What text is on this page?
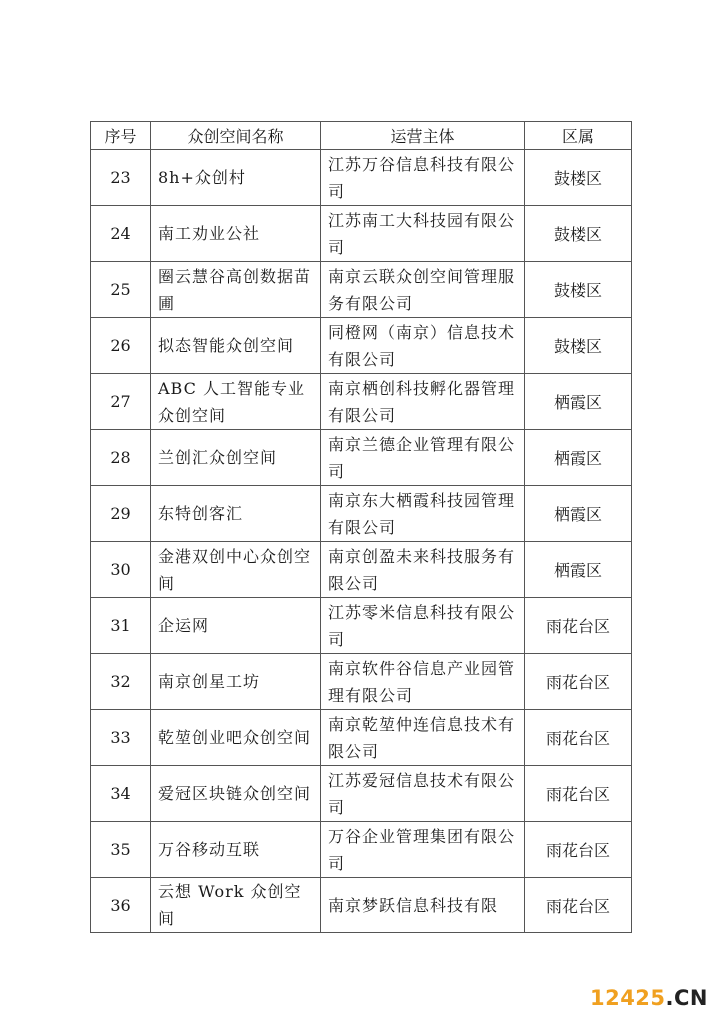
序号	众创空间名称	运营主体	区属
23	8h+众创村	江苏万谷信息科技有限公司	鼓楼区
24	南工劝业公社	江苏南工大科技园有限公司	鼓楼区
25	圈云慧谷高创数据苗圃	南京云联众创空间管理服务有限公司	鼓楼区
26	拟态智能众创空间	同橙网（南京）信息技术有限公司	鼓楼区
27	ABC 人工智能专业众创空间	南京栖创科技孵化器管理有限公司	栖霞区
28	兰创汇众创空间	南京兰德企业管理有限公司	栖霞区
29	东特创客汇	南京东大栖霞科技园管理有限公司	栖霞区
30	金港双创中心众创空间	南京创盈未来科技服务有限公司	栖霞区
31	企运网	江苏零米信息科技有限公司	雨花台区
32	南京创星工坊	南京软件谷信息产业园管理有限公司	雨花台区
33	乾堃创业吧众创空间	南京乾堃仲连信息技术有限公司	雨花台区
34	爱冠区块链众创空间	江苏爱冠信息技术有限公司	雨花台区
35	万谷移动互联	万谷企业管理集团有限公司	雨花台区
36	云想 Work 众创空间	南京梦跃信息科技有限	雨花台区
12425.CN
